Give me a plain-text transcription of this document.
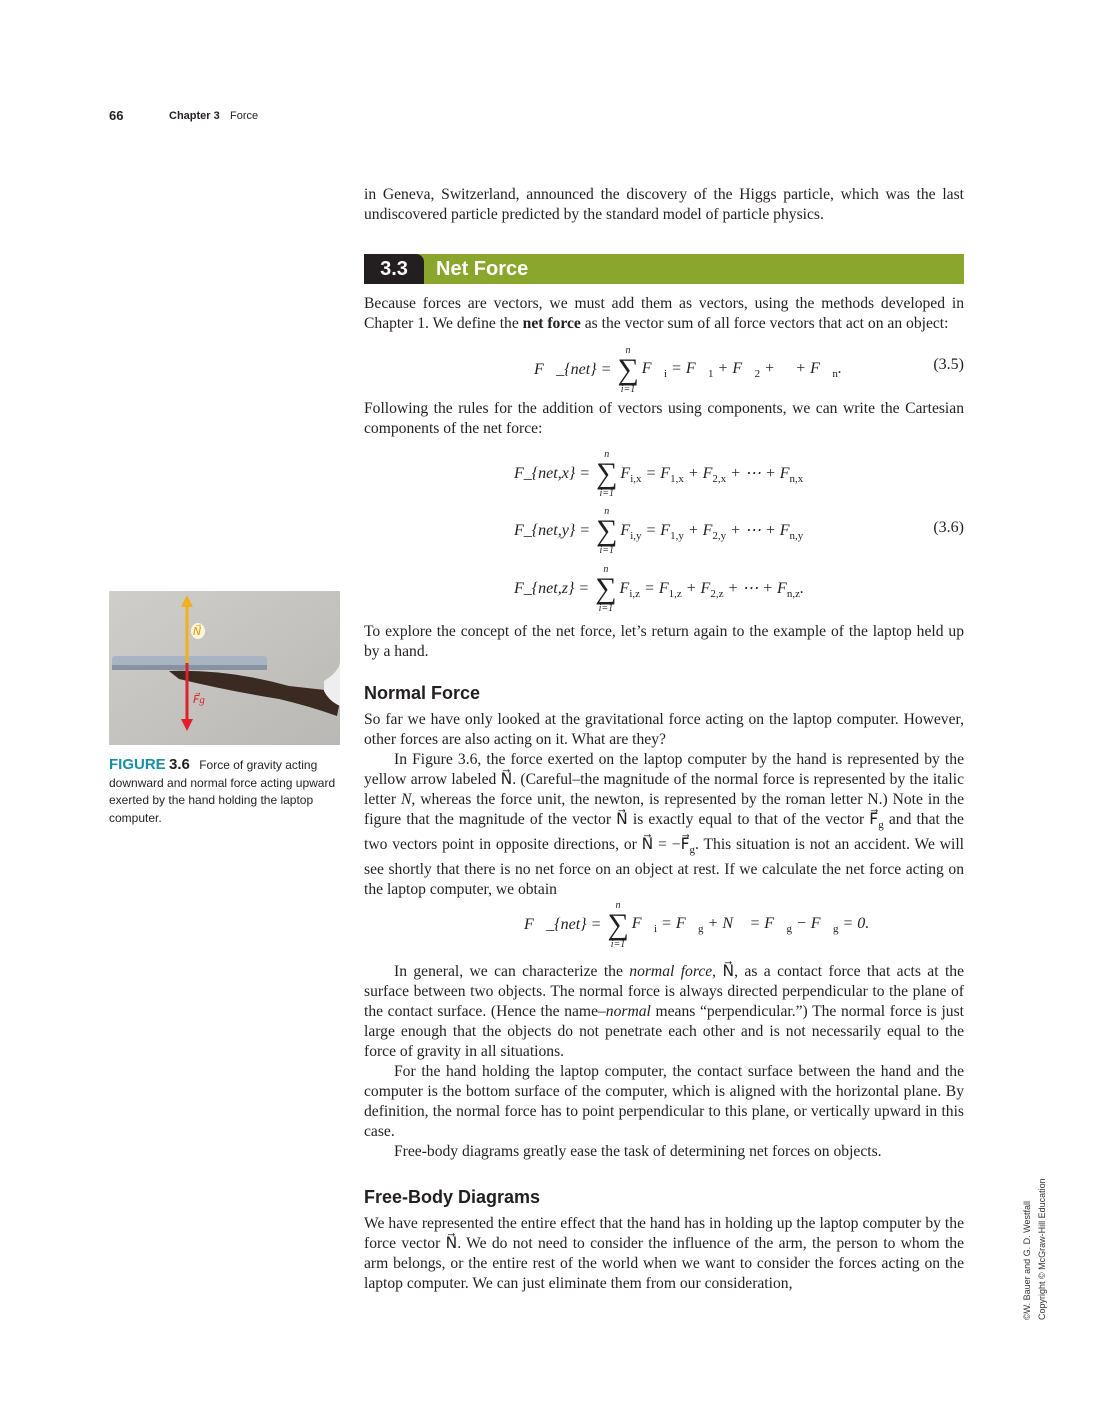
66	Chapter 3 Force
in Geneva, Switzerland, announced the discovery of the Higgs particle, which was the last undiscovered particle predicted by the standard model of particle physics.
3.3	Net Force
Because forces are vectors, we must add them as vectors, using the methods developed in Chapter 1. We define the net force as the vector sum of all force vectors that act on an object:
F⃗_{net} =
n
∑
i=1
$F⃗_i$ = $F⃗_1$ + $F⃗_2$ + ⋯ + $F⃗_n$.	(3.5)
Following the rules for the addition of vectors using components, we can write the Cartesian components of the net force:
F_{net,x} =
n
∑
i=1
$F_{i,x} = F_{1,x} + F_{2,x}$ + ⋯ + $F_{n,x}$
F_{net,y} =
n
∑
i=1
$F_{i,y} = F_{1,y} + F_{2,y}$ + ⋯ + $F_{n,y}$
F_{net,z} =
n
∑
i=1
$F_{i,z} = F_{1,z} + F_{2,z}$ + ⋯ + $F_{n,z}$.
(3.6)
To explore the concept of the net force, let’s return again to the example of the laptop held up by a hand.
Normal Force

So far we have only looked at the gravitational force acting on the laptop computer. However, other forces are also acting on it. What are they?

In Figure 3.6, the force exerted on the laptop computer by the hand is represented by the yellow arrow labeled N⃗. (Careful–the magnitude of the normal force is represented by the italic letter N, whereas the force unit, the newton, is represented by the roman letter N.) Note in the figure that the magnitude of the vector N⃗ is exactly equal to that of the vector $F⃗_g$ and that the two vectors point in opposite directions, or N⃗ = $-F⃗_g$. This situation is not an accident. We will see shortly that there is no net force on an object at rest. If we calculate the net force acting on the laptop computer, we obtain

F⃗_{net} =
n
∑
i=1
$F⃗_i$ = $F⃗_g$ + N⃗ = $F⃗_g$ − $F⃗_g = 0$.

In general, we can characterize the normal force, N⃗, as a contact force that acts at the surface between two objects. The normal force is always directed perpendicular to the plane of the contact surface. (Hence the name–normal means “perpendicular.”) The normal force is just large enough that the objects do not penetrate each other and is not necessarily equal to the force of gravity in all situations.

For the hand holding the laptop computer, the contact surface between the hand and the computer is the bottom surface of the computer, which is aligned with the horizontal plane. By definition, the normal force has to point perpendicular to this plane, or vertically upward in this case.

Free-body diagrams greatly ease the task of determining net forces on objects.

Free-Body Diagrams
We have represented the entire effect that the hand has in holding up the laptop computer by the force vector N⃗. We do not need to consider the influence of the arm, the person to whom the arm belongs, or the entire rest of the world when we want to consider the forces acting on the laptop computer. We can just eliminate them from our consideration,
N⃗
F⃗g
FIGURE 3.6 Force of gravity acting downward and normal force acting upward exerted by the hand holding the laptop computer.
©W. Bauer and G. D. Westfall Copyright © McGraw-Hill Education
